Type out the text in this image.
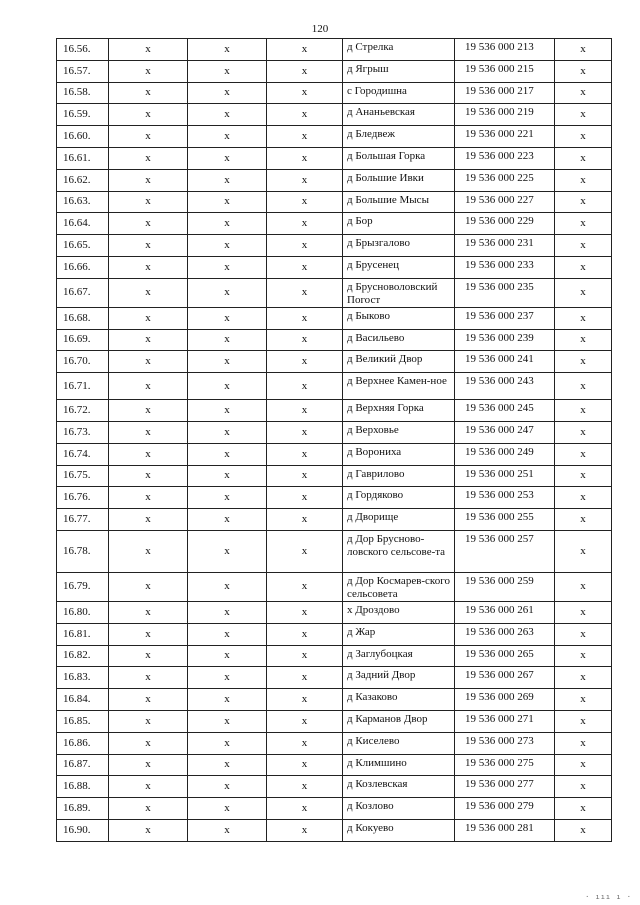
120
16.56.	х	х	х	д Стрелка	19 536 000 213	х
16.57.	х	х	х	д Ягрыш	19 536 000 215	х
16.58.	х	х	х	с Городишна	19 536 000 217	х
16.59.	х	х	х	д Ананьевская	19 536 000 219	х
16.60.	х	х	х	д Бледвеж	19 536 000 221	х
16.61.	х	х	х	д Большая Горка	19 536 000 223	х
16.62.	х	х	х	д Большие Ивки	19 536 000 225	х
16.63.	х	х	х	д Большие Мысы	19 536 000 227	х
16.64.	х	х	х	д Бор	19 536 000 229	х
16.65.	х	х	х	д Брызгалово	19 536 000 231	х
16.66.	х	х	х	д Брусенец	19 536 000 233	х
16.67.	х	х	х	д Бруснoволовский Погост	19 536 000 235	х
16.68.	х	х	х	д Быково	19 536 000 237	х
16.69.	х	х	х	д Васильево	19 536 000 239	х
16.70.	х	х	х	д Великий Двор	19 536 000 241	х
16.71.	х	х	х	д Верхнее Камен-ное	19 536 000 243	х
16.72.	х	х	х	д Верхняя Горка	19 536 000 245	х
16.73.	х	х	х	д Верховье	19 536 000 247	х
16.74.	х	х	х	д Ворониха	19 536 000 249	х
16.75.	х	х	х	д Гаврилово	19 536 000 251	х
16.76.	х	х	х	д Гордяково	19 536 000 253	х
16.77.	х	х	х	д Дворище	19 536 000 255	х
16.78.	х	х	х	д Дор Брусново-ловского сельсове-та	19 536 000 257	х
16.79.	х	х	х	д Дор Космарев-ского сельсовета	19 536 000 259	х
16.80.	х	х	х	х Дроздово	19 536 000 261	х
16.81.	х	х	х	д Жар	19 536 000 263	х
16.82.	х	х	х	д Заглубоцкая	19 536 000 265	х
16.83.	х	х	х	д Задний Двор	19 536 000 267	х
16.84.	х	х	х	д Казаково	19 536 000 269	х
16.85.	х	х	х	д Карманов Двор	19 536 000 271	х
16.86.	х	х	х	д Киселево	19 536 000 273	х
16.87.	х	х	х	д Климшино	19 536 000 275	х
16.88.	х	х	х	д Козлевская	19 536 000 277	х
16.89.	х	х	х	д Козлово	19 536 000 279	х
16.90.	х	х	х	д Кокуево	19 536 000 281	х
· ııı ı ·
